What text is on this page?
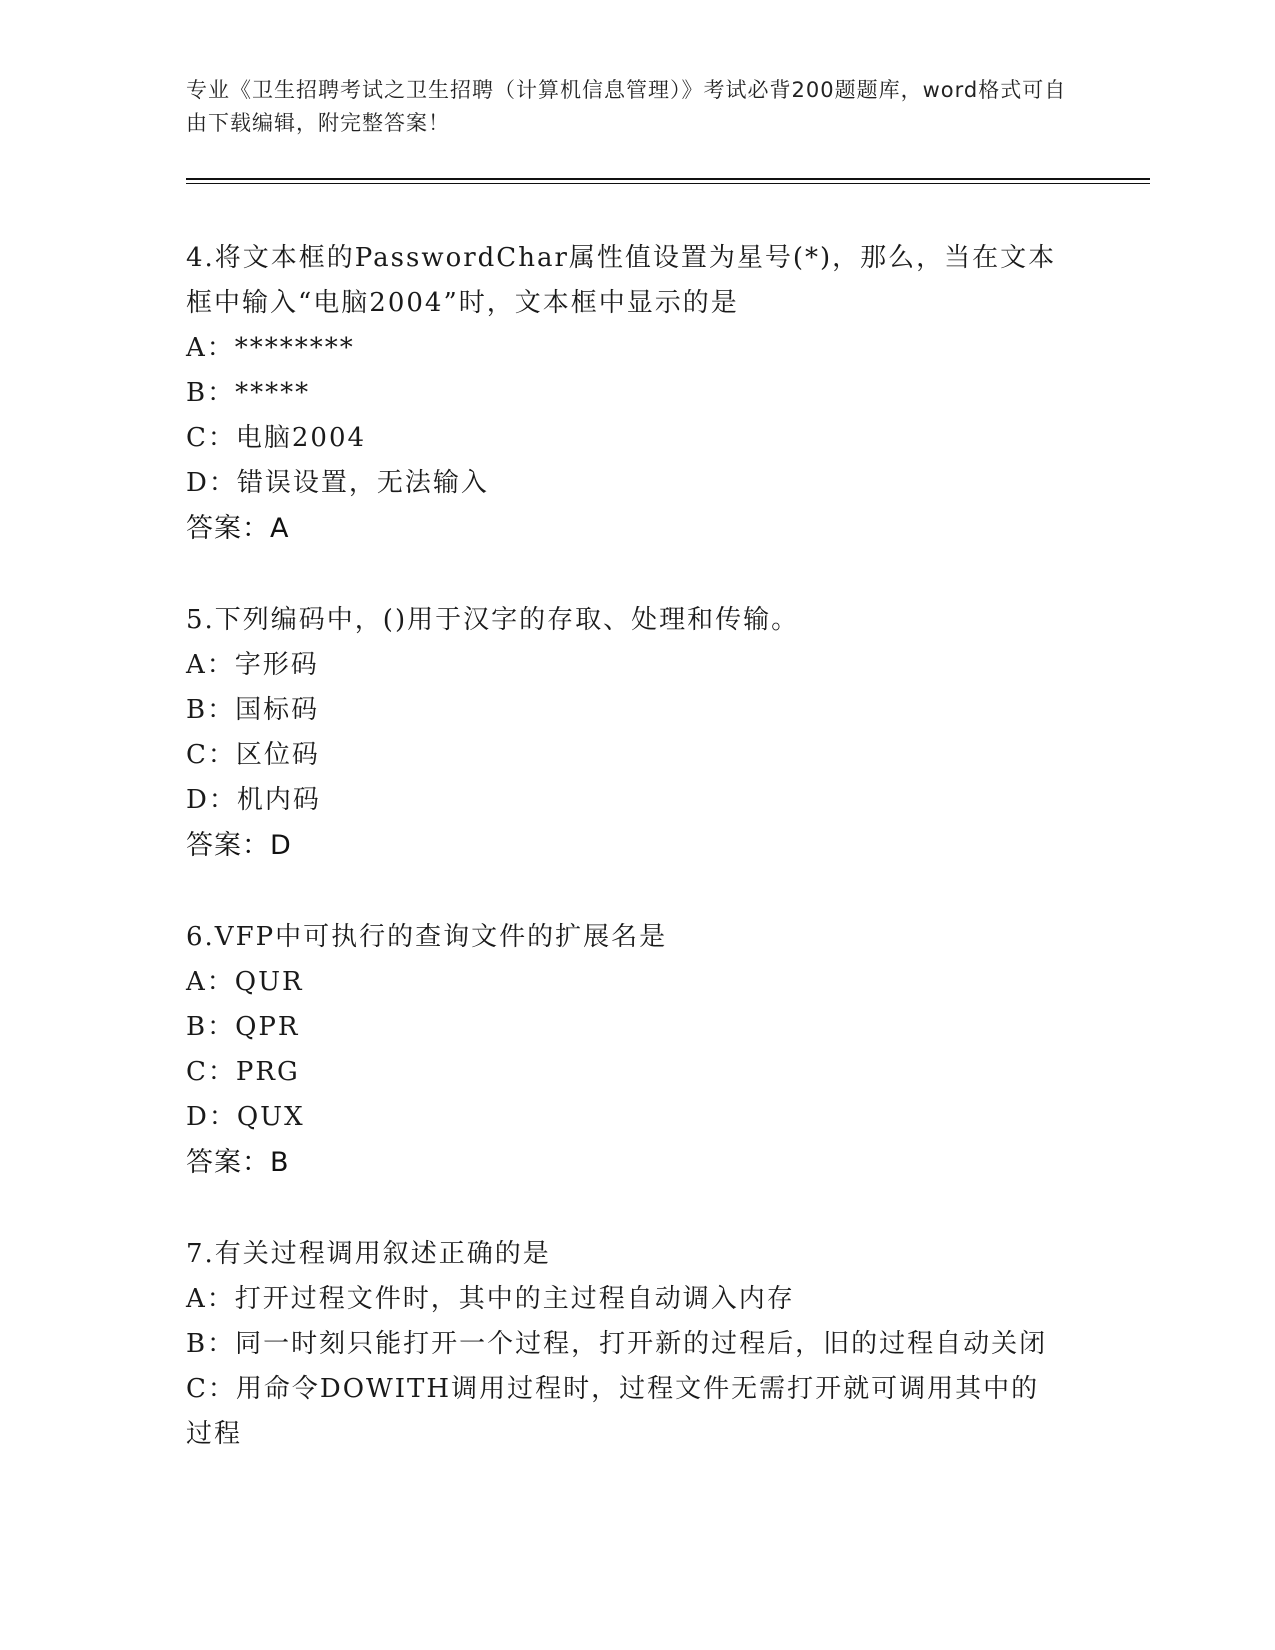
专业《卫生招聘考试之卫生招聘（计算机信息管理）》考试必背200题题库，word格式可自由下载编辑，附完整答案！

4.将文本框的PasswordChar属性值设置为星号(*)，那么，当在文本框中输入“电脑2004”时，文本框中显示的是

A：********

B：*****

C：电脑2004

D：错误设置，无法输入

答案：A

5.下列编码中，()用于汉字的存取、处理和传输。

A：字形码

B：国标码

C：区位码

D：机内码

答案：D

6.VFP中可执行的查询文件的扩展名是

A：QUR

B：QPR

C：PRG

D：QUX

答案：B

7.有关过程调用叙述正确的是

A：打开过程文件时，其中的主过程自动调入内存

B：同一时刻只能打开一个过程，打开新的过程后，旧的过程自动关闭

C：用命令DOWITH调用过程时，过程文件无需打开就可调用其中的过程
